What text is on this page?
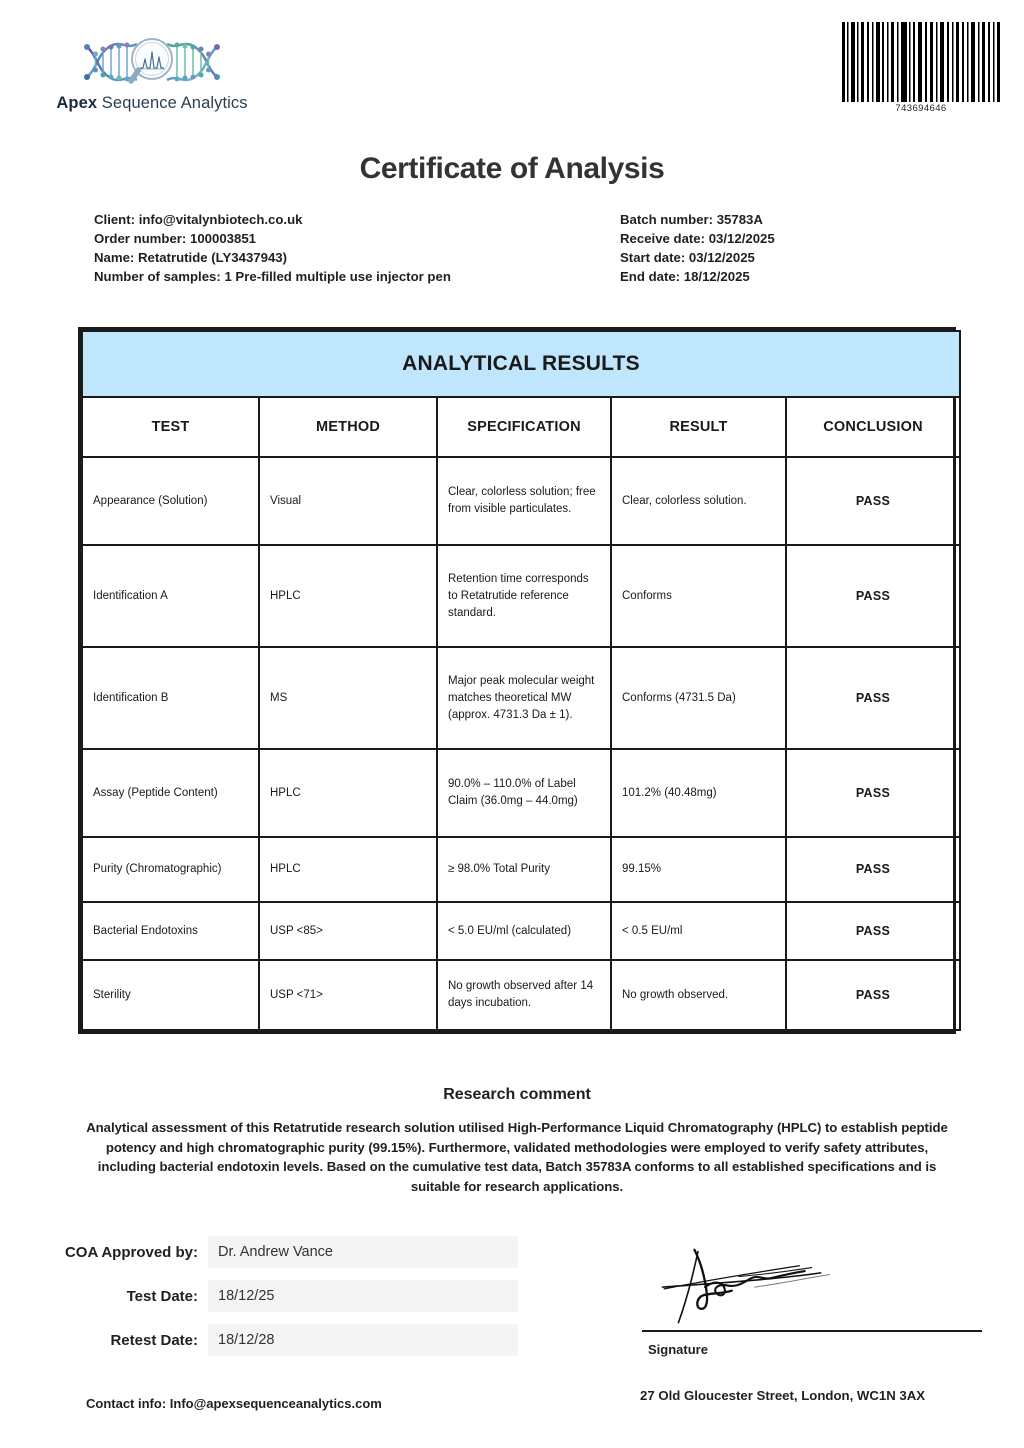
Apex Sequence Analytics	743694646
Certificate of Analysis
Client: info@vitalynbiotech.co.uk
Order number: 100003851
Name: Retatrutide (LY3437943)
Number of samples: 1 Pre-filled multiple use injector pen
Batch number: 35783A
Receive date: 03/12/2025
Start date: 03/12/2025
End date: 18/12/2025
ANALYTICAL RESULTS				
TEST	METHOD	SPECIFICATION	RESULT	CONCLUSION
Appearance (Solution)	Visual	Clear, colorless solution; free from visible particulates.	Clear, colorless solution.	PASS
Identification A	HPLC	Retention time corresponds to Retatrutide reference standard.	Conforms	PASS
Identification B	MS	Major peak molecular weight matches theoretical MW (approx. 4731.3 Da ± 1).	Conforms (4731.5 Da)	PASS
Assay (Peptide Content)	HPLC	90.0% – 110.0% of Label Claim (36.0mg – 44.0mg)	101.2% (40.48mg)	PASS
Purity (Chromatographic)	HPLC	≥ 98.0% Total Purity	99.15%	PASS
Bacterial Endotoxins	USP <85>	< 5.0 EU/ml (calculated)	< 0.5 EU/ml	PASS
Sterility	USP <71>	No growth observed after 14 days incubation.	No growth observed.	PASS
Research comment
Analytical assessment of this Retatrutide research solution utilised High-Performance Liquid Chromatography (HPLC) to establish peptide potency and high chromatographic purity (99.15%). Furthermore, validated methodologies were employed to verify safety attributes, including bacterial endotoxin levels. Based on the cumulative test data, Batch 35783A conforms to all established specifications and is suitable for research applications.
COA Approved by:	Dr. Andrew Vance
Test Date:	18/12/25
Retest Date:	18/12/28
Signature
Contact info: Info@apexsequenceanalytics.com
27 Old Gloucester Street, London, WC1N 3AX
